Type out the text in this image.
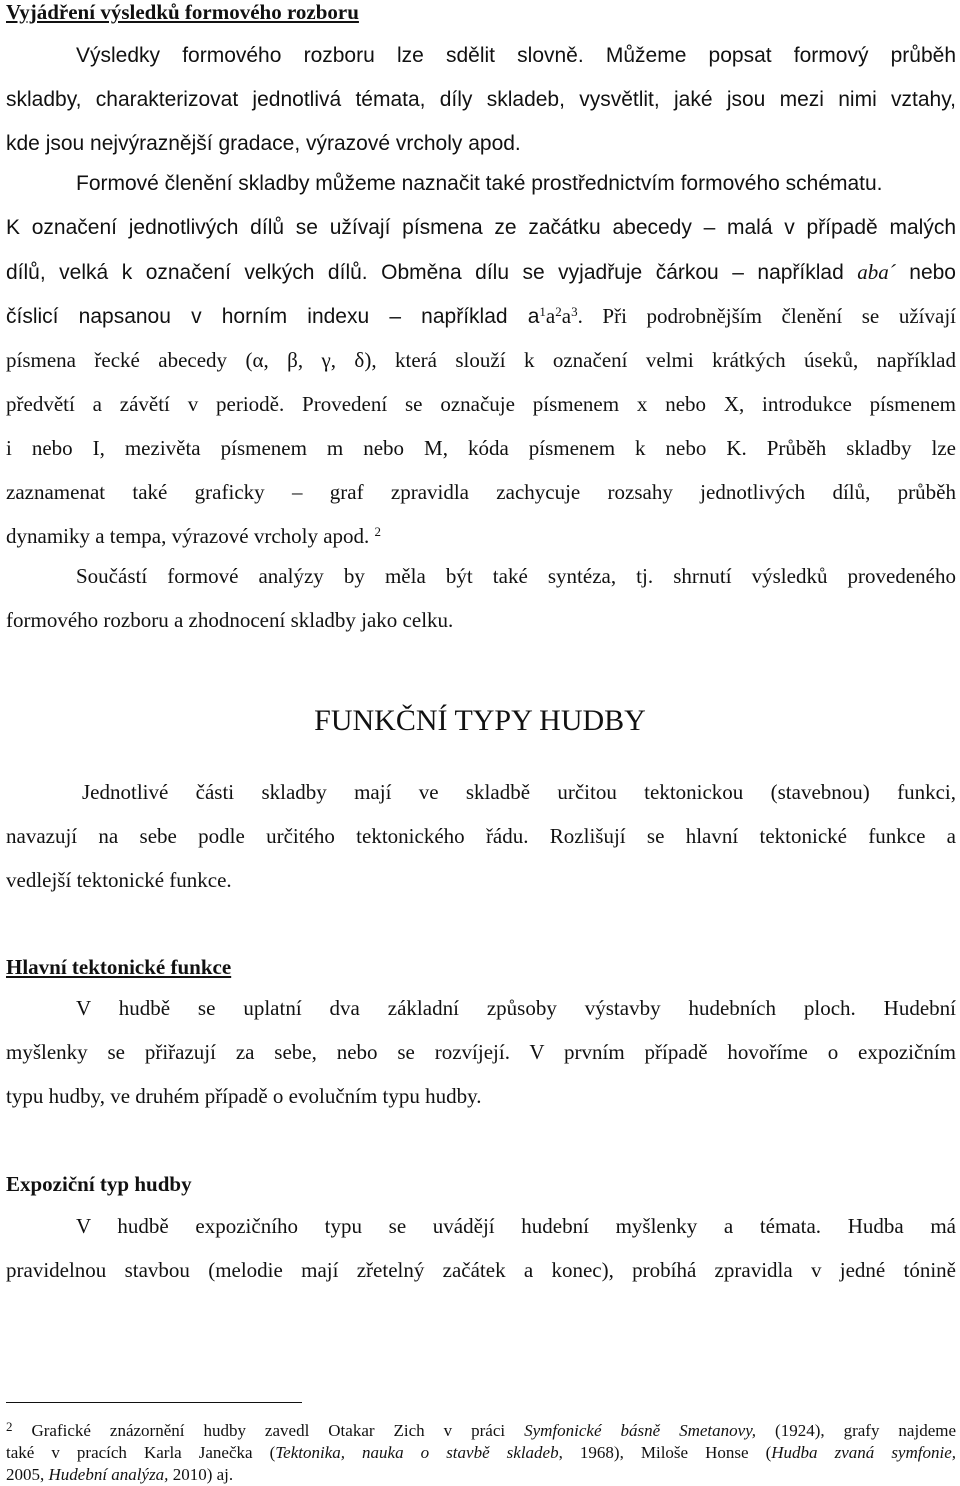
Vyjádření výsledků formového rozboru
Výsledky formového rozboru lze sdělit slovně. Můžeme popsat formový průběh
skladby, charakterizovat jednotlivá témata, díly skladeb, vysvětlit, jaké jsou mezi nimi vztahy,
kde jsou nejvýraznější gradace, výrazové vrcholy apod.
Formové členění skladby můžeme naznačit také prostřednictvím formového schématu.
K označení jednotlivých dílů se užívají písmena ze začátku abecedy – malá v případě malých
dílů, velká k označení velkých dílů. Obměna dílu se vyjadřuje čárkou – například aba´ nebo
číslicí napsanou v horním indexu – například $a^1a^2a^3$. Při podrobnějším členění se užívají
písmena řecké abecedy (α, β, γ, δ), která slouží k označení velmi krátkých úseků, například
předvětí a závětí v periodě. Provedení se označuje písmenem x nebo X, introdukce písmenem
i nebo I, mezivěta písmenem m nebo M, kóda písmenem k nebo K. Průběh skladby lze
zaznamenat také graficky – graf zpravidla zachycuje rozsahy jednotlivých dílů, průběh
dynamiky a tempa, výrazové vrcholy apod. $^2$
Součástí formové analýzy by měla být také syntéza, tj. shrnutí výsledků provedeného
formového rozboru a zhodnocení skladby jako celku.
FUNKČNÍ TYPY HUDBY
Jednotlivé části skladby mají ve skladbě určitou tektonickou (stavebnou) funkci,
navazují na sebe podle určitého tektonického řádu. Rozlišují se hlavní tektonické funkce a
vedlejší tektonické funkce.
Hlavní tektonické funkce
V hudbě se uplatní dva základní způsoby výstavby hudebních ploch. Hudební
myšlenky se přiřazují za sebe, nebo se rozvíjejí. V prvním případě hovoříme o expozičním
typu hudby, ve druhém případě o evolučním typu hudby.
Expoziční typ hudby
V hudbě expozičního typu se uvádějí hudební myšlenky a témata. Hudba má
pravidelnou stavbou (melodie mají zřetelný začátek a konec), probíhá zpravidla v jedné tónině
$^2$ Grafické znázornění hudby zavedl Otakar Zich v práci Symfonické básně Smetanovy, (1924), grafy najdeme
také v pracích Karla Janečka (Tektonika, nauka o stavbě skladeb, 1968), Miloše Honse (Hudba zvaná symfonie,
2005, Hudební analýza, 2010) aj.
